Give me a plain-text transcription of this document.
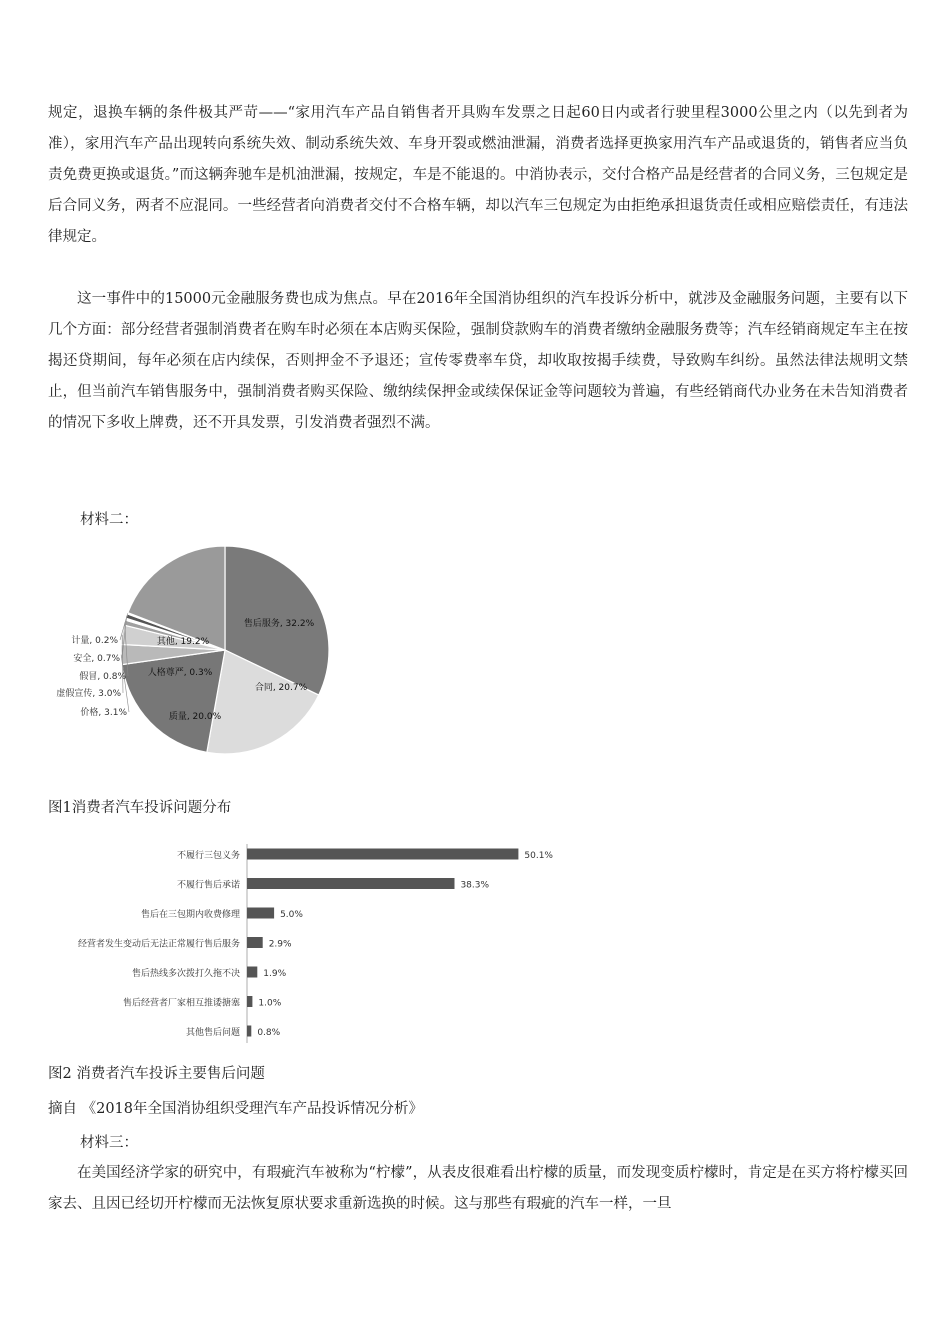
规定，退换车辆的条件极其严苛——“家用汽车产品自销售者开具购车发票之日起60日内或者行驶里程3000公里之内（以先到者为准），家用汽车产品出现转向系统失效、制动系统失效、车身开裂或燃油泄漏，消费者选择更换家用汽车产品或退货的，销售者应当负责免费更换或退货。”而这辆奔驰车是机油泄漏，按规定，车是不能退的。中消协表示，交付合格产品是经营者的合同义务，三包规定是后合同义务，两者不应混同。一些经营者向消费者交付不合格车辆，却以汽车三包规定为由拒绝承担退货责任或相应赔偿责任，有违法律规定。
这一事件中的15000元金融服务费也成为焦点。早在2016年全国消协组织的汽车投诉分析中，就涉及金融服务问题，主要有以下几个方面：部分经营者强制消费者在购车时必须在本店购买保险，强制贷款购车的消费者缴纳金融服务费等；汽车经销商规定车主在按揭还贷期间，每年必须在店内续保，否则押金不予退还；宣传零费率车贷，却收取按揭手续费，导致购车纠纷。虽然法律法规明文禁止，但当前汽车销售服务中，强制消费者购买保险、缴纳续保押金或续保保证金等问题较为普遍，有些经销商代办业务在未告知消费者的情况下多收上牌费，还不开具发票，引发消费者强烈不满。
材料二：
售后服务, 32.2%
合同, 20.7%
质量, 20.0%
价格, 3.1%
虚假宣传, 3.0%
假冒, 0.8% 人格尊严, 0.3%
安全, 0.7%
计量, 0.2%	其他, 19.2%
图1消费者汽车投诉问题分布
不履行三包义务	50.1%
不履行售后承诺	38.3%
售后在三包期内收费修理	5.0%
经营者发生变动后无法正常履行售后服务	2.9%
售后热线多次拨打久拖不决	1.9%
售后经营者厂家相互推诿搪塞 1.0%
其他售后问题 0.8%
图2 消费者汽车投诉主要售后问题
摘自 《2018年全国消协组织受理汽车产品投诉情况分析》
材料三：
在美国经济学家的研究中，有瑕疵汽车被称为“柠檬”，从表皮很难看出柠檬的质量，而发现变质柠檬时，肯定是在买方将柠檬买回家去、且因已经切开柠檬而无法恢复原状要求重新选换的时候。这与那些有瑕疵的汽车一样，一旦
